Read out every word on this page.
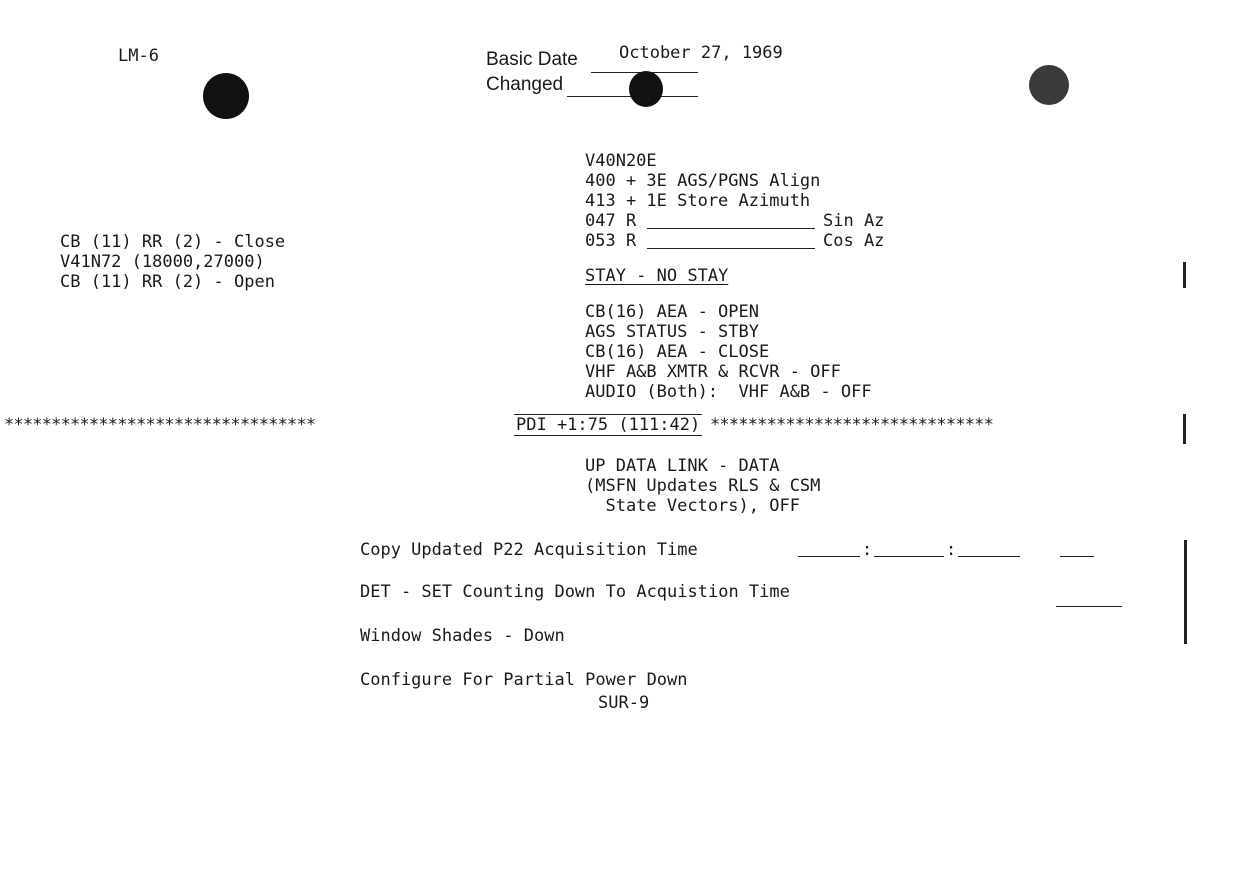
LM-6	Basic Date October 27, 1969
Changed
V40N20E
400 + 3E AGS/PGNS Align
413 + 1E Store Azimuth
047 R	Sin Az
053 R	Cos Az
STAY - NO STAY
CB (11) RR (2) - Close
V41N72 (18000,27000)
CB (11) RR (2) - Open
CB(16) AEA - OPEN
AGS STATUS - STBY
CB(16) AEA - CLOSE
VHF A&B XMTR & RCVR - OFF
AUDIO (Both):  VHF A&B - OFF
*********************************	PDI +1:75 (111:42) ******************************
UP DATA LINK - DATA
(MSFN Updates RLS & CSM
State Vectors), OFF
Copy Updated P22 Acquisition Time	:	:
DET - SET Counting Down To Acquistion Time
Window Shades - Down
Configure For Partial Power Down
SUR-9
